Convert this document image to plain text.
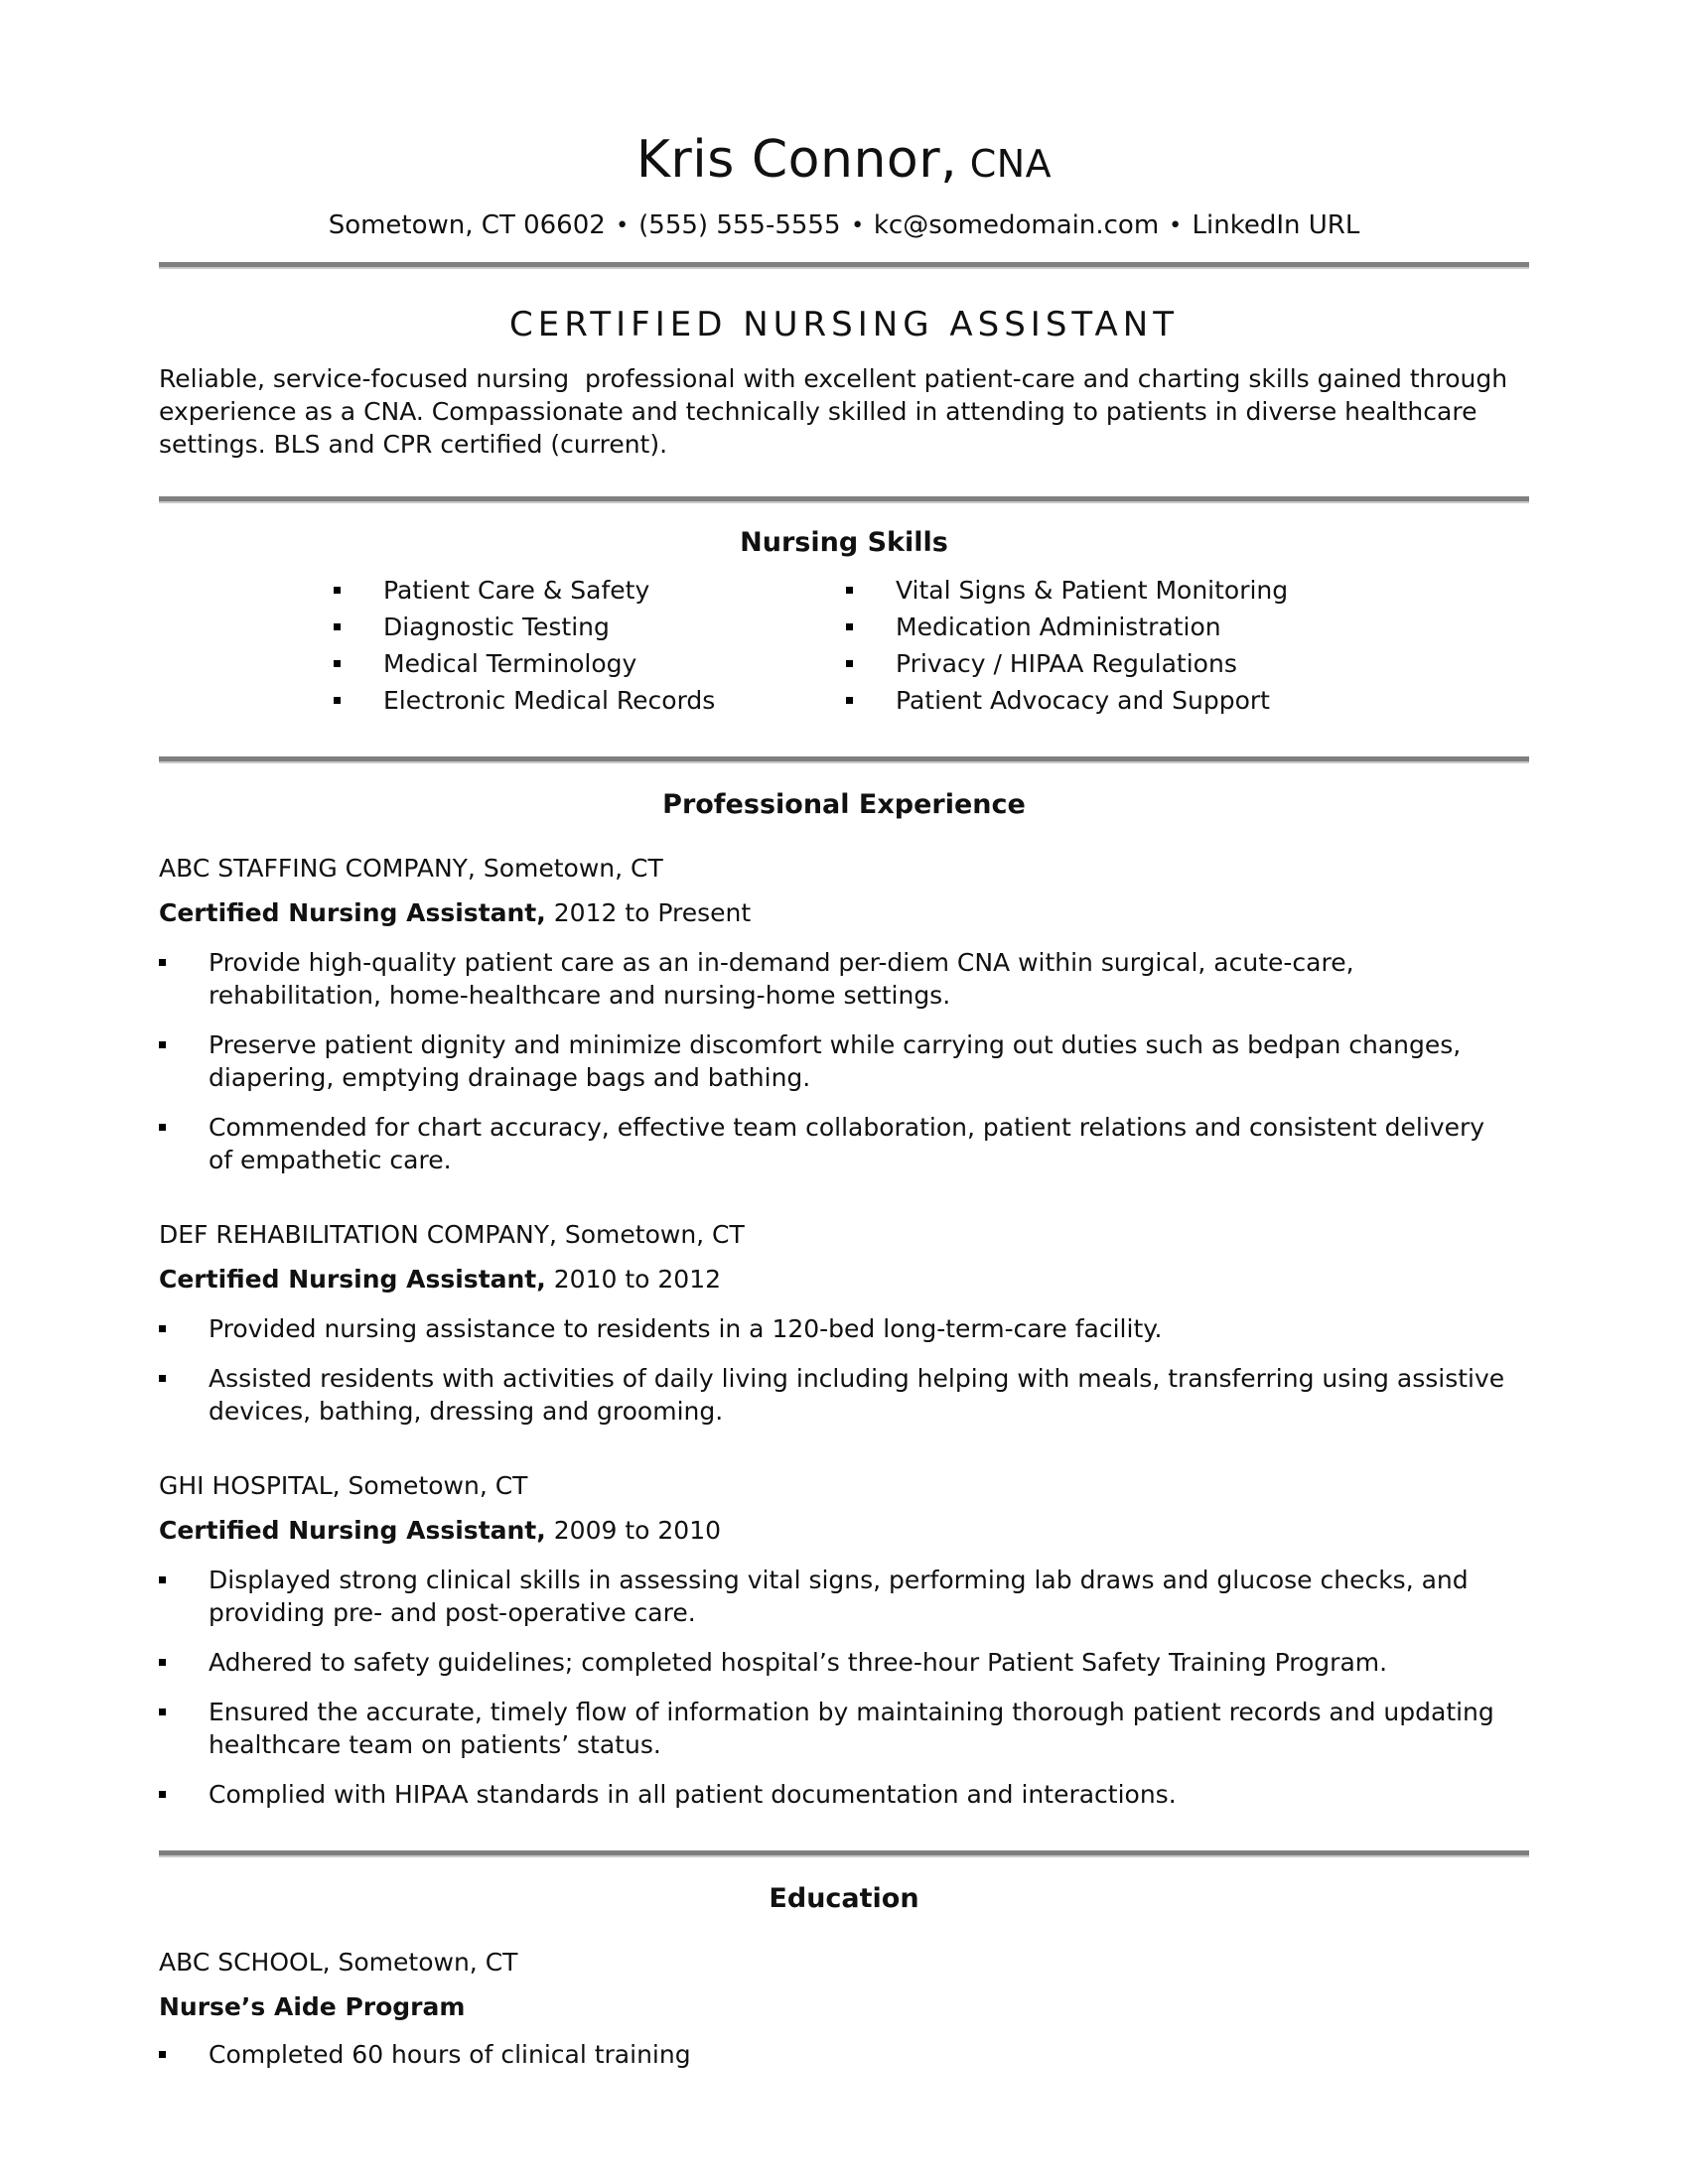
Kris Connor, CNA
Sometown, CT 06602 • (555) 555-5555 • kc@somedomain.com • LinkedIn URL
CERTIFIED NURSING ASSISTANT
Reliable, service-focused nursing  professional with excellent patient-care and charting skills gained through experience as a CNA. Compassionate and technically skilled in attending to patients in diverse healthcare settings. BLS and CPR certified (current).
Nursing Skills
Patient Care & Safety
Diagnostic Testing
Medical Terminology
Electronic Medical Records
Vital Signs & Patient Monitoring
Medication Administration
Privacy / HIPAA Regulations
Patient Advocacy and Support
Professional Experience
ABC STAFFING COMPANY, Sometown, CT
Certified Nursing Assistant, 2012 to Present
Provide high-quality patient care as an in-demand per-diem CNA within surgical, acute-care, rehabilitation, home-healthcare and nursing-home settings.
Preserve patient dignity and minimize discomfort while carrying out duties such as bedpan changes, diapering, emptying drainage bags and bathing.
Commended for chart accuracy, effective team collaboration, patient relations and consistent delivery of empathetic care.
DEF REHABILITATION COMPANY, Sometown, CT
Certified Nursing Assistant, 2010 to 2012
Provided nursing assistance to residents in a 120-bed long-term-care facility.
Assisted residents with activities of daily living including helping with meals, transferring using assistive devices, bathing, dressing and grooming.
GHI HOSPITAL, Sometown, CT
Certified Nursing Assistant, 2009 to 2010
Displayed strong clinical skills in assessing vital signs, performing lab draws and glucose checks, and providing pre- and post-operative care.
Adhered to safety guidelines; completed hospital’s three-hour Patient Safety Training Program.
Ensured the accurate, timely flow of information by maintaining thorough patient records and updating healthcare team on patients’ status.
Complied with HIPAA standards in all patient documentation and interactions.
Education
ABC SCHOOL, Sometown, CT
Nurse’s Aide Program
Completed 60 hours of clinical training
